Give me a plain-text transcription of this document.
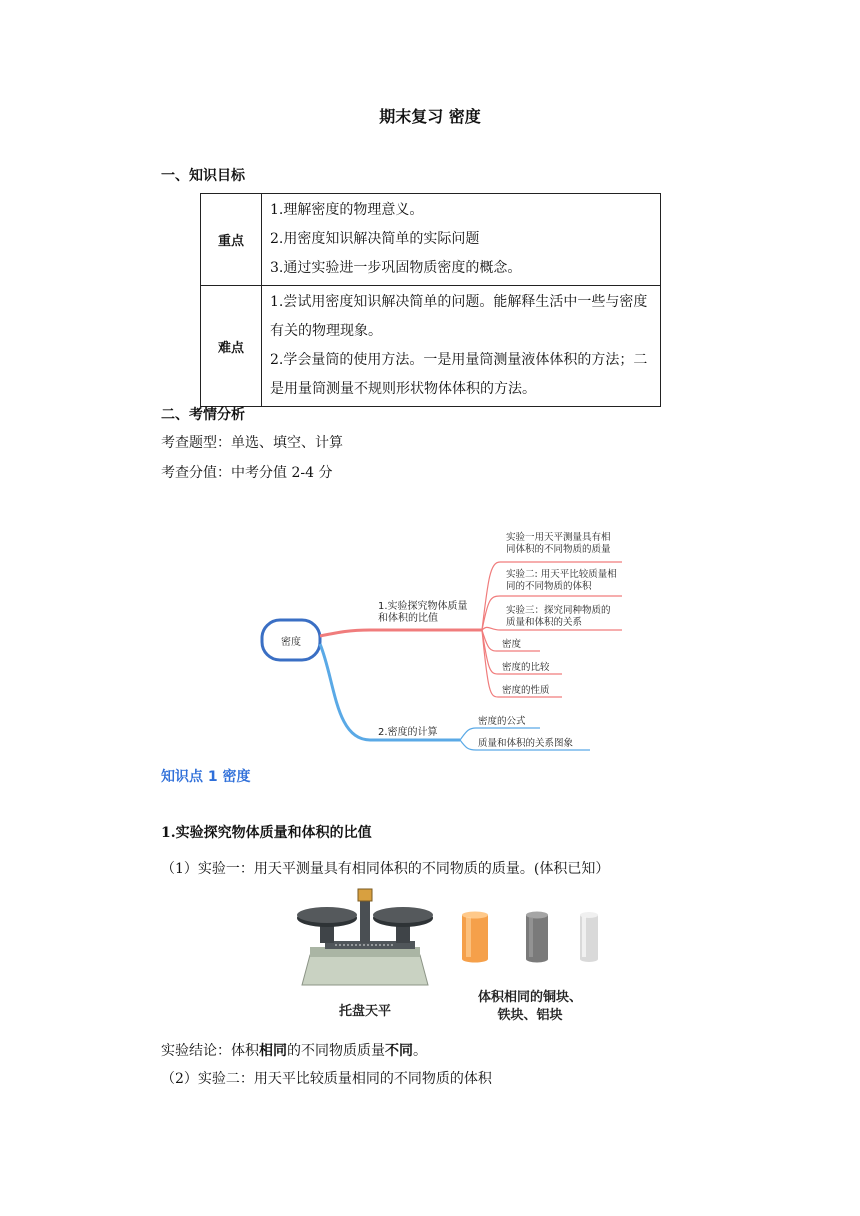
期末复习 密度
一、知识目标
重点	1.理解密度的物理意义。
2.用密度知识解决简单的实际问题
3.通过实验进一步巩固物质密度的概念。

难点	1.尝试用密度知识解决简单的问题。能解释生活中一些与密度有关的物理现象。
2.学会量筒的使用方法。一是用量筒测量液体体积的方法；二是用量筒测量不规则形状物体体积的方法。
二、考情分析
考查题型：单选、填空、计算
考查分值：中考分值 2-4 分
密度
1.实验探究物体质量
和体积的比值
实验一用天平测量具有相
同体积的不同物质的质量
实验二: 用天平比较质量相
同的不同物质的体积
实验三：探究同种物质的
质量和体积的关系
密度
密度的比较
密度的性质
2.密度的计算
密度的公式
质量和体积的关系图象
知识点 1 密度
1.实验探究物体质量和体积的比值
（1）实验一：用天平测量具有相同体积的不同物质的质量。(体积已知）
托盘天平
体积相同的铜块、
铁块、铝块
实验结论：体积相同的不同物质质量不同。
（2）实验二：用天平比较质量相同的不同物质的体积
